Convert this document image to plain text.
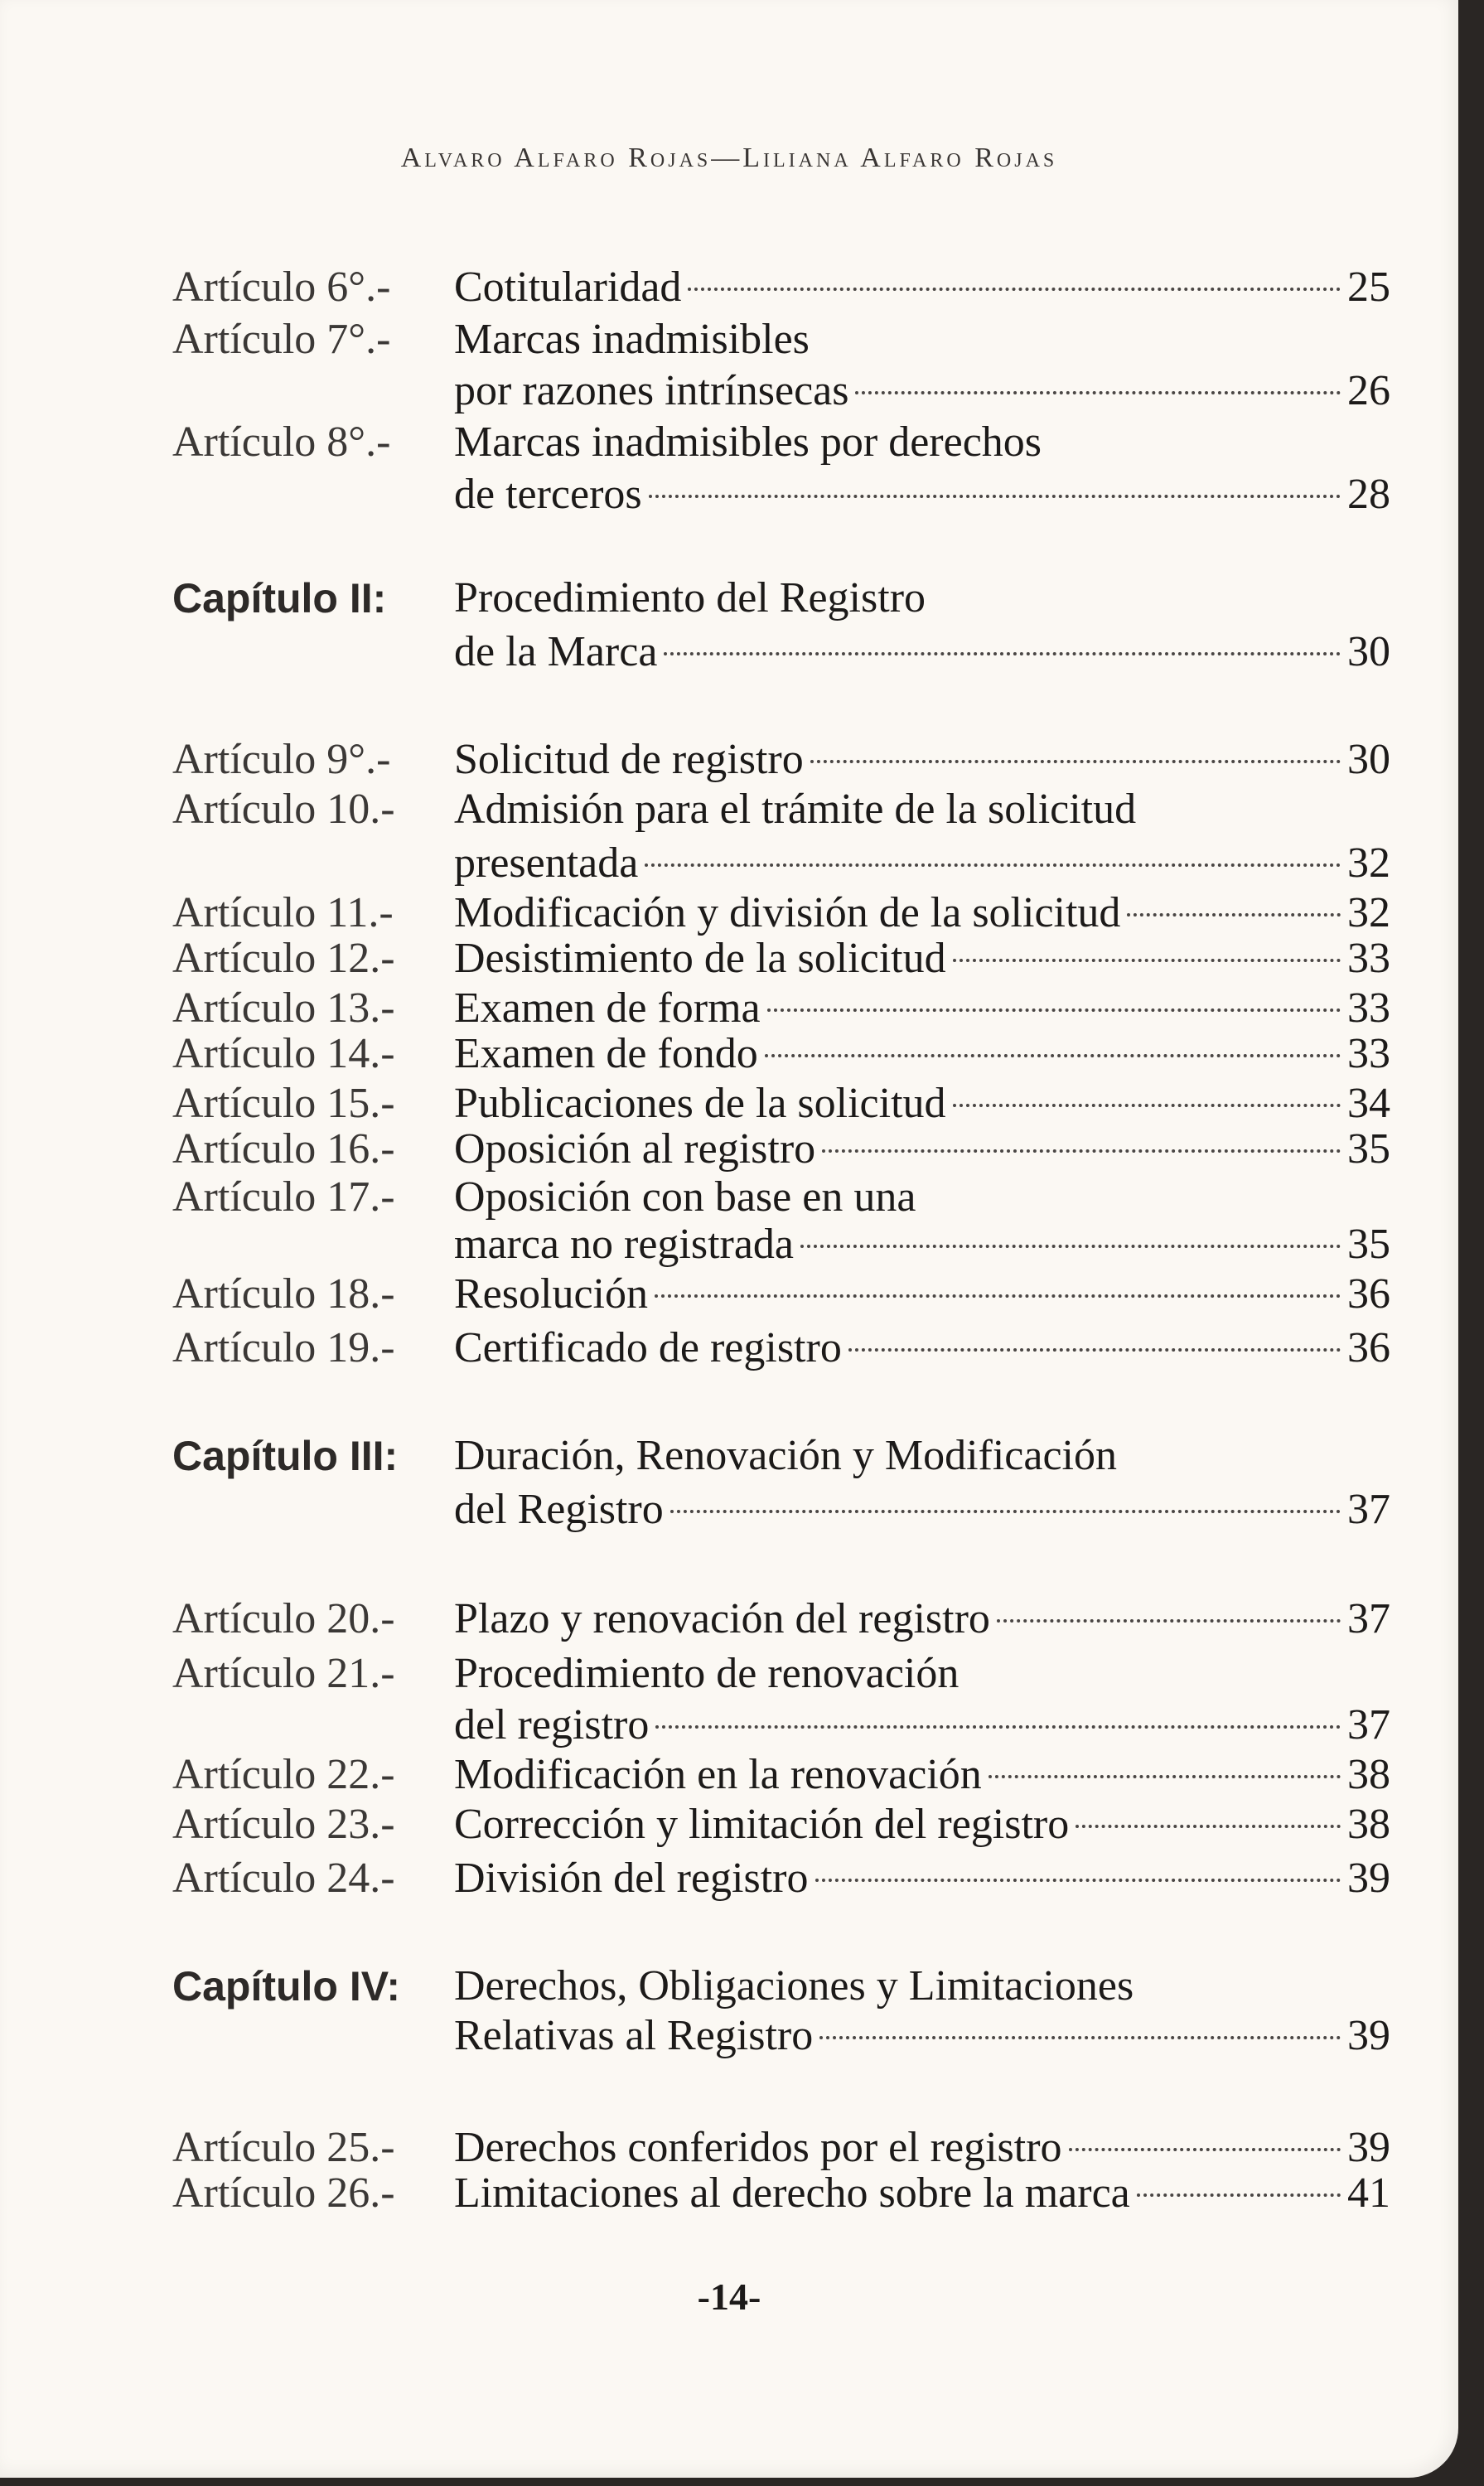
Alvaro Alfaro Rojas—Liliana Alfaro Rojas
Artículo 6°.- Cotitularidad	25
Artículo 7°.- Marcas inadmisibles
por razones intrínsecas	26
Artículo 8°.- Marcas inadmisibles por derechos
de terceros	28
Capítulo II: Procedimiento del Registro
de la Marca	30
Artículo 9°.- Solicitud de registro	30
Artículo 10.- Admisión para el trámite de la solicitud
presentada	32
Artículo 11.- Modificación y división de la solicitud	32
Artículo 12.- Desistimiento de la solicitud	33
Artículo 13.- Examen de forma	33
Artículo 14.- Examen de fondo	33
Artículo 15.- Publicaciones de la solicitud	34
Artículo 16.- Oposición al registro	35
Artículo 17.- Oposición con base en una
marca no registrada	35
Artículo 18.- Resolución	36
Artículo 19.- Certificado de registro	36
Capítulo III: Duración, Renovación y Modificación
del Registro	37
Artículo 20.- Plazo y renovación del registro	37
Artículo 21.- Procedimiento de renovación
del registro	37
Artículo 22.- Modificación en la renovación	38
Artículo 23.- Corrección y limitación del registro	38
Artículo 24.- División del registro	39
Capítulo IV: Derechos, Obligaciones y Limitaciones
Relativas al Registro	39
Artículo 25.- Derechos conferidos por el registro	39
Artículo 26.- Limitaciones al derecho sobre la marca	41
-14-
